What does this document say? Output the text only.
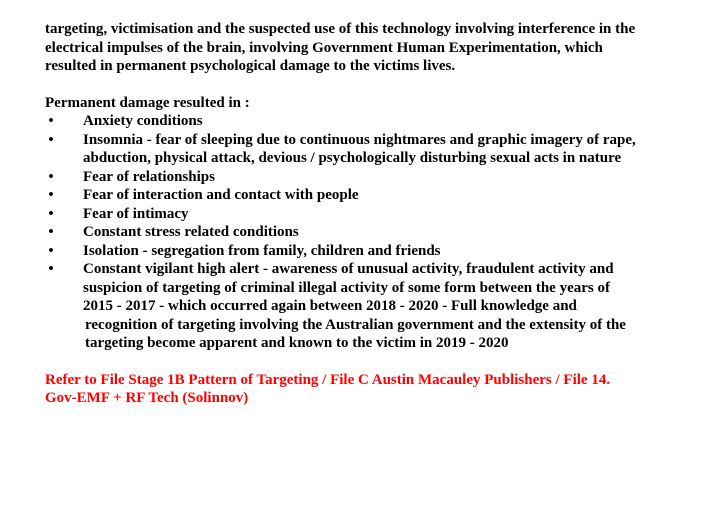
targeting, victimisation and the suspected use of this technology involving interference in the
electrical impulses of the brain, involving Government Human Experimentation, which
resulted in permanent psychological damage to the victims lives.

Permanent damage resulted in :

• Anxiety conditions
• Insomnia - fear of sleeping due to continuous nightmares and graphic imagery of rape,
abduction, physical attack, devious / psychologically disturbing sexual acts in nature
• Fear of relationships
• Fear of interaction and contact with people
• Fear of intimacy
• Constant stress related conditions
• Isolation - segregation from family, children and friends
• Constant vigilant high alert - awareness of unusual activity, fraudulent activity and
suspicion of targeting of criminal illegal activity of some form between the years of
2015 - 2017 - which occurred again between 2018 - 2020 - Full knowledge and
recognition of targeting involving the Australian government and the extensity of the
targeting become apparent and known to the victim in 2019 - 2020

Refer to File Stage 1B Pattern of Targeting / File C Austin Macauley Publishers / File 14.
Gov-EMF + RF Tech (Solinnov)
